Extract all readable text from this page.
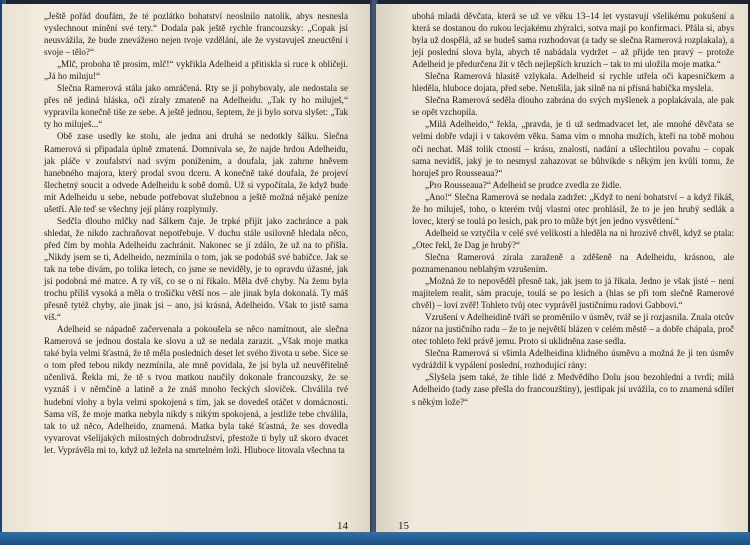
„Ještě pořád doufám, že té pozlátko bohatství neoslnilo natolik, abys nesnesla vyslechnout mínění své tety.“ Dodala pak ještě rychle francouzsky: „Copak jsi neusvážila, že bude znevážено nejen tvoje vzdělání, ale že vystavuješ zneuctění i svoje – tělo?“

„Mlč, proboha tě prosím, mlč!“ vykřikla Adelheid a přitiskla si ruce k obličeji. „Já ho miluju!“

Slečna Ramerová stála jako omráčená. Rty se jí pohybovaly, ale nedostala se přes ně jediná hláska, oči zíraly zmateně na Adelheidu. „Tak ty ho miluješ,“ vypravila konečně tiše ze sebe. A ještě jednou, šeptem, že ji bylo sotva slyšet: „Tak ty ho miluješ...“

Obě zase usedly ke stolu, ale jedna ani druhá se nedotkly šálku. Slečna Ramerová si připadala úplně zmatená. Domnívala se, že najde hrdou Adelheidu, jak pláče v zoufalství nad svým ponížením, a doufala, jak zahrne hněvem hanebného majora, který prodal svou dceru. A konečně také doufala, že projeví šlechetný soucit a odvede Adelheidu k sobě domů. Už si vypočítala, že když bude mít Adelheidu u sebe, nebude potřebovat služebnou a ještě možná nějaké peníze ušetří. Ale teď se všechny její plány rozplynuly.

Sedčla dlouho mlčky nad šálkem čaje. Je trpké přijít jako zachránce a pak shledat, že nikdo zachraňovat nepotřebuje. V duchu stále usilovně hledala něco, před čím by mohla Adelheidu zachránit. Nakonec se jí zdálo, že už na to přišla. „Nikdy jsem se ti, Adelheido, nezmínila o tom, jak se podobáš své babičce. Jak se tak na tebe dívám, po tolika letech, co jsme se neviděly, je to opravdu úžasné, jak jsi podobná mé matce. A ty víš, co se o ní říkalo. Měla dvě chyby. Na ženu byla trochu příliš vysoká a měla o trošičku větší nos – ale jinak byla dokonalá. Ty máš přesně tytéž chyby, ale jinak jsi – ano, jsi krásná, Adelheido. Však to jistě sama víš.“

Adelheid se nápadně začervenala a pokoušela se něco namítnout, ale slečna Ramerová se jednou dostala ke slovu a už se nedala zarazit. „Však moje matka také byla velmi šťastná, že tě měla posledních deset let svého života u sebe. Sice se o tom před tebou nikdy nezmínila, ale mně povídala, že jsi byla už neuvěřitelně učenlivá. Řekla mi, že tě s tvou matkou naučily dokonale francouzsky, že se vyznáš i v němčině a latině a že znáš mnoho řeckých slovíček. Chválila tvé hudební vlohy a byla velmi spokojená s tím, jak se dovedeš otáčet v domácnosti. Sama víš, že moje matka nebyla nikdy s nikým spokojená, a jestliže tebe chválila, tak to už něco, Adelheido, znamená. Matka byla také šťastná, že ses dovedla vyvarovat všelijakých milostných dobrodružství, přestože ti byly už skoro dvacet let. Vyprávěla mi to, když už ležela na smrtelném loži. Hluboce litovala všechna ta

14

ubohá mladá děvčata, která se už ve věku 13–14 let vystavují všelikému pokušení a která se dostanou do rukou lecjakému zhýralci, sotva mají po konfirmaci. Přála si, abys byla už dospělá, až se budeš sama rozhodovat (a tady se slečna Ramerová rozplakala), a její poslední slova byla, abych tě nabádala vydržet – až přijde ten pravý – protože Adelheid je předurčena žít v těch nejlepších kruzích – tak to mi uložila moje matka.“

Slečna Ramerová hlasitě vzlykala. Adelheid si rychle utřela oči kapesníčkem a hleděla, hluboce dojata, před sebe. Netušila, jak silně na ni přísná babička myslela.

Slečna Ramerová seděla dlouho zabrána do svých myšlenek a poplakávala, ale pak se opět vzchopila.

„Milá Adelheido,“ řekla, „pravda, je ti už sedmadvacet let, ale mnohé děvčata se velmi dobře vdají i v takovém věku. Sama vím o mnoha mužích, kteří na tobě mohou oči nechat. Máš tolik ctností – krásu, znalosti, nadání a ušlechtilou povahu – copak sama nevidíš, jaký je to nesmysl zahazovat se bůhvíkde s někým jen kvůli tomu, že horuješ pro Rousseaua?“

„Pro Rousseaua?“ Adelheid se prudce zvedla ze židle.

„Ano!“ Slečna Ramerová se nedala zadržet: „Když to není bohatství – a když říkáš, že ho miluješ, toho, o kterém tvůj vlastní otec prohlásil, že to je jen hrubý sedlák a lovec, který se toulá po lesích, pak pro to může být jen jedno vysvětlení.“

Adelheid se vztyčila v celé své velikosti a hleděla na ni hrozivě chvěl, když se ptala: „Otec řekl, že Dag je hrubý?“

Slečna Ramerová zírala zaraženě a zděšeně na Adelheidu, krásnou, ale poznamenanou neblahým vzrušením.

„Možná že to nepověděl přesně tak, jak jsem to já říkala. Jedno je však jisté – není majitelem realit, sám pracuje, toulá se po lesích a (hlas se při tom slečně Ramerové chvěl) – loví zvěř! Tohleto tvůj otec vyprávěl justičnímu radovi Gabbovi.“

Vzrušení v Adelheidině tváři se proměnilo v úsměv, tvář se jí rozjasnila. Znala otcův názor na justičního radu – že to je největší blázen v celém městě – a dobře chápala, proč otec tohleto řekl právě jemu. Proto si uklidněna zase sedla.

Slečna Ramerová si všimla Adelheidina klidného úsměvu a možná že ji ten úsměv vydráždil k vypálení poslední, rozhodující rány:

„Slyšela jsem také, že tihle lidé z Medvědího Dolu jsou bezohlední a tvrdí; milá Adelheido (tady zase přešla do francouzštiny), jestlipak jsi uvážila, co to znamená sdílet s někým lože?“

15
